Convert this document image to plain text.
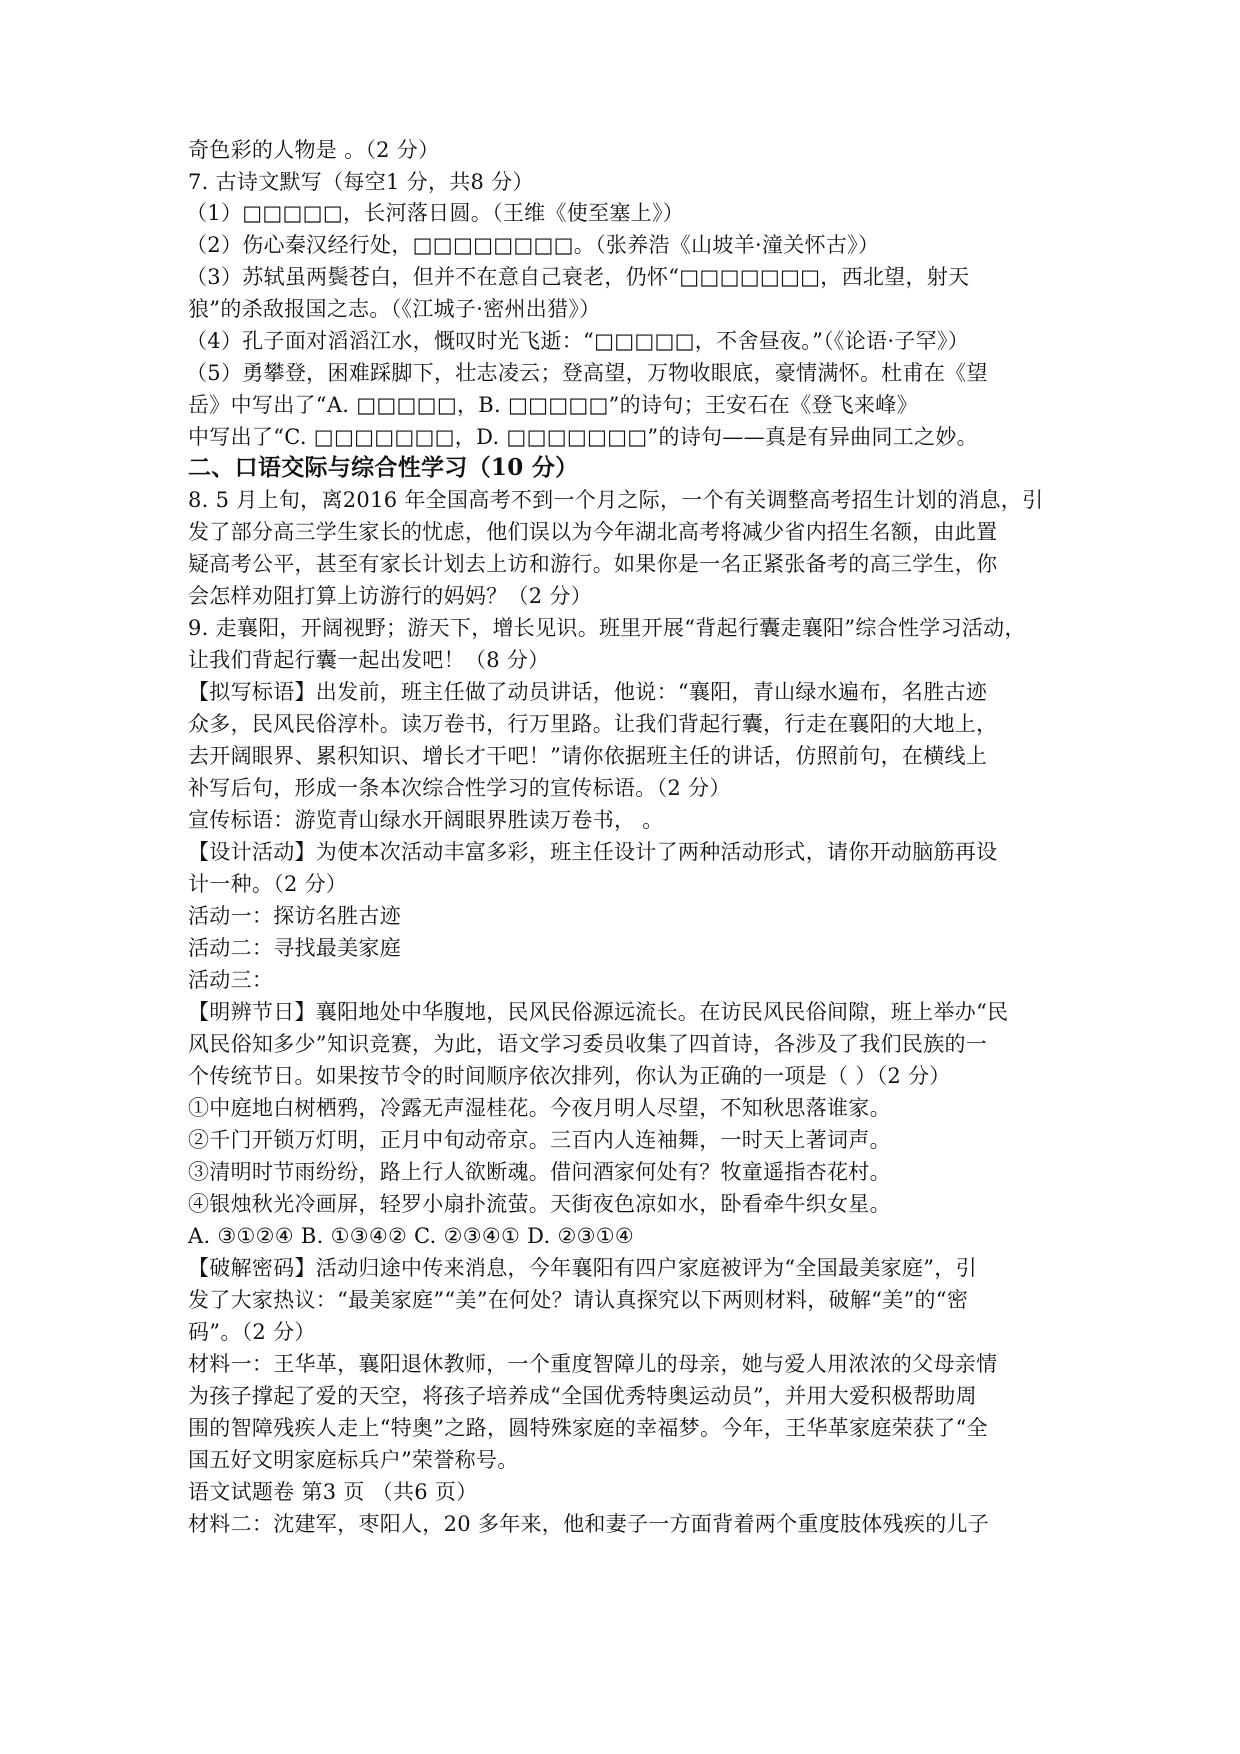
奇色彩的人物是 。（2 分）
7. 古诗文默写（每空1 分，共8 分）
（1）□□□□□，长河落日圆。（王维《使至塞上》）
（2）伤心秦汉经行处，□□□□□□□□。（张养浩《山坡羊·潼关怀古》）
（3）苏轼虽两鬓苍白，但并不在意自己衰老，仍怀“□□□□□□□，西北望，射天
狼”的杀敌报国之志。（《江城子·密州出猎》）
（4）孔子面对滔滔江水，慨叹时光飞逝：“□□□□□，不舍昼夜。”（《论语·子罕》）
（5）勇攀登，困难踩脚下，壮志凌云；登高望，万物收眼底，豪情满怀。杜甫在《望
岳》中写出了“A. □□□□□，B. □□□□□”的诗句；王安石在《登飞来峰》
中写出了“C. □□□□□□□，D. □□□□□□□”的诗句——真是有异曲同工之妙。
二、口语交际与综合性学习（10 分）
8. 5 月上旬，离2016 年全国高考不到一个月之际，一个有关调整高考招生计划的消息，引
发了部分高三学生家长的忧虑，他们误以为今年湖北高考将减少省内招生名额，由此置
疑高考公平，甚至有家长计划去上访和游行。如果你是一名正紧张备考的高三学生，你
会怎样劝阻打算上访游行的妈妈？（2 分）
9. 走襄阳，开阔视野；游天下，增长见识。班里开展“背起行囊走襄阳”综合性学习活动，
让我们背起行囊一起出发吧！（8 分）
【拟写标语】出发前，班主任做了动员讲话，他说：“襄阳，青山绿水遍布，名胜古迹
众多，民风民俗淳朴。读万卷书，行万里路。让我们背起行囊，行走在襄阳的大地上，
去开阔眼界、累积知识、增长才干吧！”请你依据班主任的讲话，仿照前句，在横线上
补写后句，形成一条本次综合性学习的宣传标语。（2 分）
宣传标语：游览青山绿水开阔眼界胜读万卷书， 。
【设计活动】为使本次活动丰富多彩，班主任设计了两种活动形式，请你开动脑筋再设
计一种。（2 分）
活动一：探访名胜古迹
活动二：寻找最美家庭
活动三：
【明辨节日】襄阳地处中华腹地，民风民俗源远流长。在访民风民俗间隙，班上举办“民
风民俗知多少”知识竞赛，为此，语文学习委员收集了四首诗，各涉及了我们民族的一
个传统节日。如果按节令的时间顺序依次排列，你认为正确的一项是（ ）（2 分）
①中庭地白树栖鸦，冷露无声湿桂花。今夜月明人尽望，不知秋思落谁家。
②千门开锁万灯明，正月中旬动帝京。三百内人连袖舞，一时天上著词声。
③清明时节雨纷纷，路上行人欲断魂。借问酒家何处有？牧童遥指杏花村。
④银烛秋光冷画屏，轻罗小扇扑流萤。天街夜色凉如水，卧看牵牛织女星。
A. ③①②④ B. ①③④② C. ②③④① D. ②③①④
【破解密码】活动归途中传来消息，今年襄阳有四户家庭被评为“全国最美家庭”，引
发了大家热议：“最美家庭”“美”在何处？请认真探究以下两则材料，破解“美”的“密
码”。（2 分）
材料一：王华革，襄阳退休教师，一个重度智障儿的母亲，她与爱人用浓浓的父母亲情
为孩子撑起了爱的天空，将孩子培养成“全国优秀特奥运动员”，并用大爱积极帮助周
围的智障残疾人走上“特奥”之路，圆特殊家庭的幸福梦。今年，王华革家庭荣获了“全
国五好文明家庭标兵户”荣誉称号。
语文试题卷 第3 页 （共6 页）
材料二：沈建军，枣阳人，20 多年来，他和妻子一方面背着两个重度肢体残疾的儿子
